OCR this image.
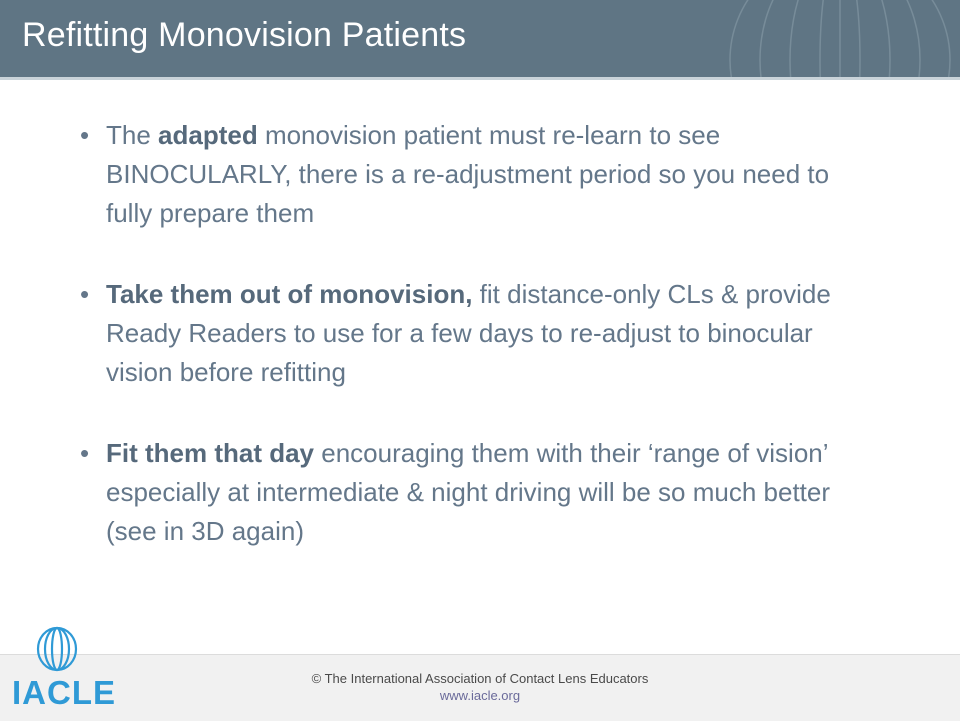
Refitting Monovision Patients
• The adapted monovision patient must re-learn to see BINOCULARLY, there is a re-adjustment period so you need to fully prepare them
• Take them out of monovision, fit distance-only CLs & provide Ready Readers to use for a few days to re-adjust to binocular vision before refitting
• Fit them that day encouraging them with their ‘range of vision’ especially at intermediate & night driving will be so much better (see in 3D again)
© The International Association of Contact Lens Educators
www.iacle.org
IACLE
